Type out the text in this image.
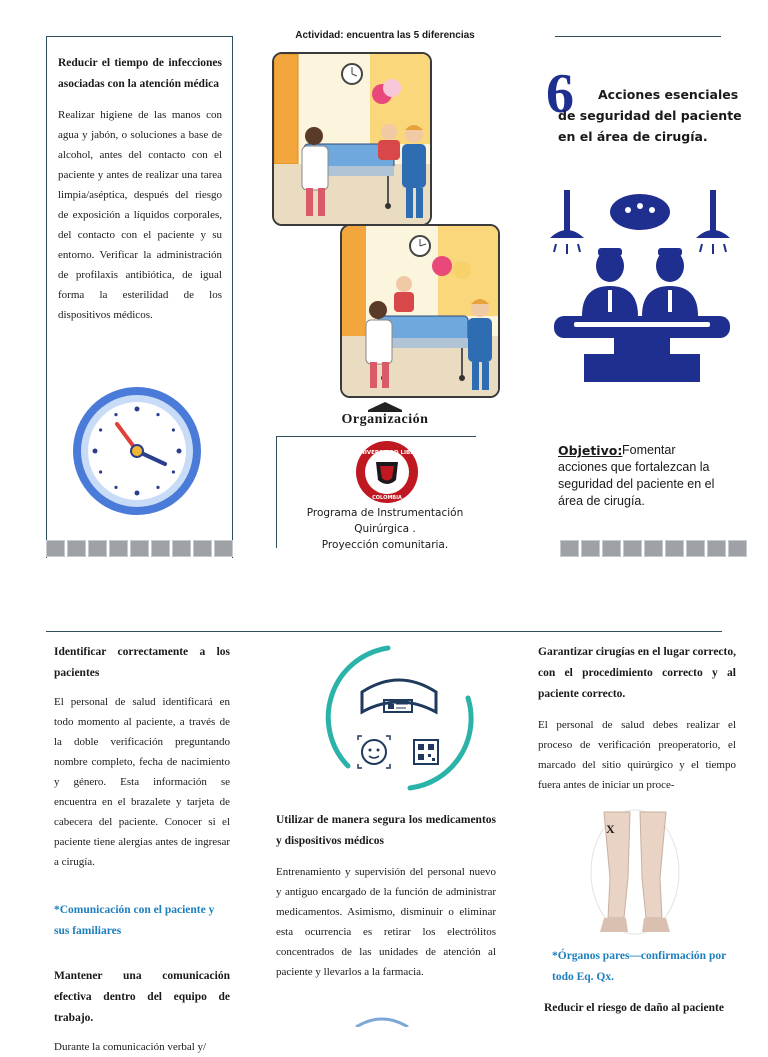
Reducir el tiempo de infecciones asociadas con la atención médica

Realizar higiene de las manos con agua y jabón, o soluciones a base de alcohol, antes del contacto con el paciente y antes de realizar una tarea limpia/aséptica, después del riesgo de exposición a líquidos corporales, del contacto con el paciente y su entorno. Verificar la administración de profilaxis antibiótica, de igual forma la esterilidad de los dispositivos médicos.

Actividad: encuentra las 5 diferencias
Organización
UNIVERSIDAD LIBRE
COLOMBIA
Programa de Instrumentación
Quirúrgica .
Proyección comunitaria.
6	Acciones esenciales de seguridad del paciente en el área de cirugía.
Objetivo: Fomentar acciones que fortalezcan la seguridad del paciente en el área de cirugía.

Identificar correctamente a los pacientes

El personal de salud identificará en todo momento al paciente, a través de la doble verificación preguntando nombre completo, fecha de nacimiento y género. Esta información se encuentra en el brazalete y tarjeta de cabecera del paciente. Conocer si el paciente tiene alergias antes de ingresar a cirugía.

*Comunicación con el paciente y sus familiares

Mantener una comunicación efectiva dentro del equipo de trabajo.

Durante la comunicación verbal y/

Utilizar de manera segura los medicamentos y dispositivos médicos

Entrenamiento y supervisión del personal nuevo y antiguo encargado de la función de administrar medicamentos. Asimismo, disminuir o eliminar esta ocurrencia es retirar los electrólitos concentrados de las unidades de atención al paciente y llevarlos a la farmacia.

Garantizar cirugías en el lugar correcto, con el procedimiento correcto y al paciente correcto.

El personal de salud debes realizar el proceso de verificación preoperatorio, el marcado del sitio quirúrgico y el tiempo fuera antes de iniciar un proce-

X

*Órganos pares—confirmación por todo Eq. Qx.

Reducir el riesgo de daño al paciente
